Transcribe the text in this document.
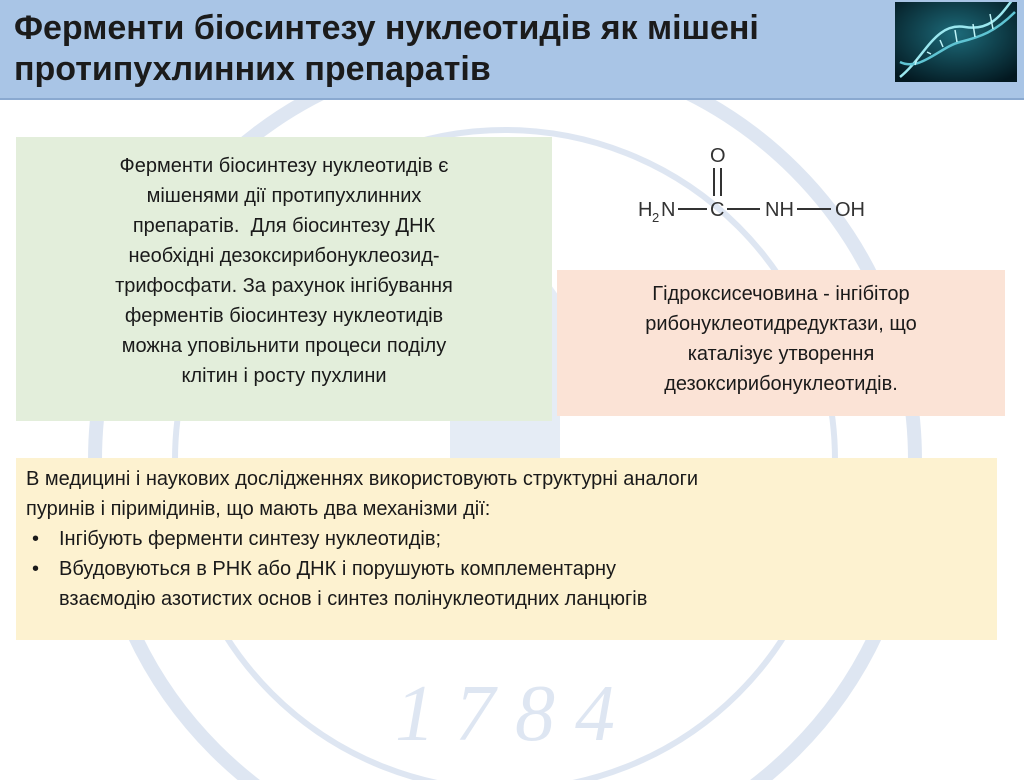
1 7 8 4
Ферменти біосинтезу нуклеотидів як мішені
протипухлинних препаратів
Ферменти біосинтезу нуклеотидів є
мішенями дії протипухлинних
препаратів.  Для біосинтезу ДНК
необхідні дезоксирибонуклеозид-
трифосфати. За рахунок інгібування
ферментів біосинтезу нуклеотидів
можна уповільнити процеси поділу
клітин і росту пухлини
O
H 2 N C NH OH
Гідроксисечовина - інгібітор
рибонуклеотидредуктази, що
каталізує утворення
дезоксирибонуклеотидів.
В медицині і наукових дослідженнях використовують структурні аналоги
пуринів і піримідинів, що мають два механізми дії:
• Інгібують ферменти синтезу нуклеотидів;
• Вбудовуються в РНК або ДНК і порушують комплементарну
взаємодію азотистих основ і синтез полінуклеотидних ланцюгів
